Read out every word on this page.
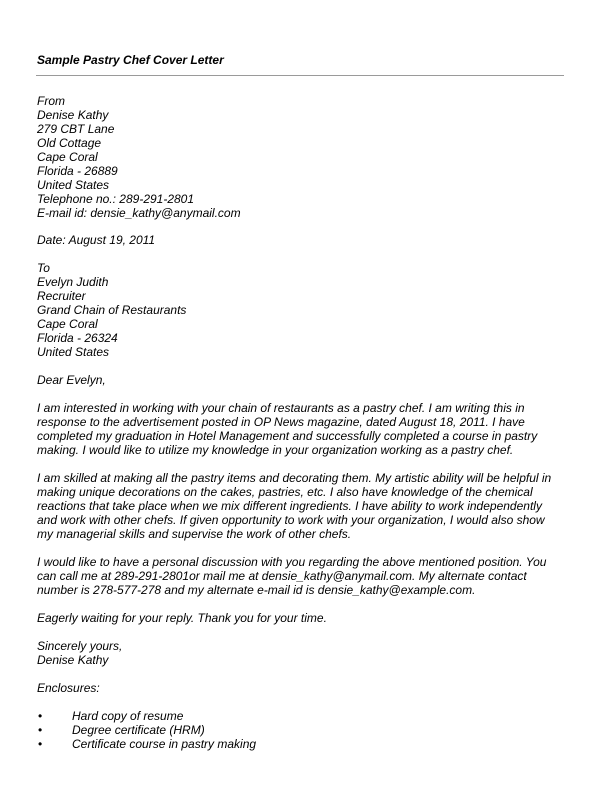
Sample Pastry Chef Cover Letter
From
Denise Kathy
279 CBT Lane
Old Cottage
Cape Coral
Florida - 26889
United States
Telephone no.: 289-291-2801
E-mail id: densie_kathy@anymail.com
Date: August 19, 2011
To
Evelyn Judith
Recruiter
Grand Chain of Restaurants
Cape Coral
Florida - 26324
United States
Dear Evelyn,

I am interested in working with your chain of restaurants as a pastry chef. I am writing this in
response to the advertisement posted in OP News magazine, dated August 18, 2011. I have
completed my graduation in Hotel Management and successfully completed a course in pastry
making. I would like to utilize my knowledge in your organization working as a pastry chef.

I am skilled at making all the pastry items and decorating them. My artistic ability will be helpful in
making unique decorations on the cakes, pastries, etc. I also have knowledge of the chemical
reactions that take place when we mix different ingredients. I have ability to work independently
and work with other chefs. If given opportunity to work with your organization, I would also show
my managerial skills and supervise the work of other chefs.

I would like to have a personal discussion with you regarding the above mentioned position. You
can call me at 289-291-2801or mail me at densie_kathy@anymail.com. My alternate contact
number is 278-577-278 and my alternate e-mail id is densie_kathy@example.com.

Eagerly waiting for your reply. Thank you for your time.

Sincerely yours,
Denise Kathy
Enclosures:
• Hard copy of resume
• Degree certificate (HRM)
• Certificate course in pastry making
